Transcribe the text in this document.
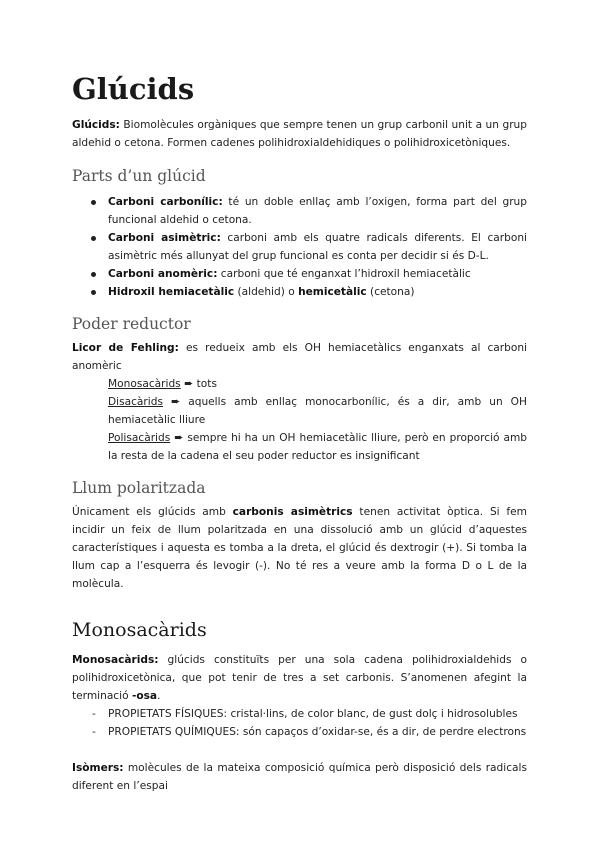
Glúcids

Glúcids: Biomolècules orgàniques que sempre tenen un grup carbonil unit a un grup aldehid o cetona. Formen cadenes polihidroxialdehidiques o polihidroxicetòniques.

Parts d’un glúcid
Carboni carbonílic: té un doble enllaç amb l’oxigen, forma part del grup funcional aldehid o cetona.
Carboni asimètric: carboni amb els quatre radicals diferents. El carboni asimètric més allunyat del grup funcional es conta per decidir si és D-L.
Carboni anomèric: carboni que té enganxat l’hidroxil hemiacetàlic
Hidroxil hemiacetàlic (aldehid) o hemicetàlic (cetona)
Poder reductor

Licor de Fehling: es redueix amb els OH hemiacetàlics enganxats al carboni anomèric

Monosacàrids ➨ tots
Disacàrids ➨ aquells amb enllaç monocarbonílic, és a dir, amb un OH hemiacetàlic lliure
Polisacàrids ➨ sempre hi ha un OH hemiacetàlic lliure, però en proporció amb la resta de la cadena el seu poder reductor es insignificant
Llum polaritzada

Únicament els glúcids amb carbonis asimètrics tenen activitat òptica. Si fem incidir un feix de llum polaritzada en una dissolució amb un glúcid d’aquestes característiques i aquesta es tomba a la dreta, el glúcid és dextrogir (+). Si tomba la llum cap a l’esquerra és levogir (-). No té res a veure amb la forma D o L de la molècula.

Monosacàrids

Monosacàrids: glúcids constituïts per una sola cadena polihidroxialdehids o polihidroxicetònica, que pot tenir de tres a set carbonis. S’anomenen afegint la terminació -osa.

- PROPIETATS FÍSIQUES: cristal·lins, de color blanc, de gust dolç i hidrosolubles
- PROPIETATS QUÍMIQUES: són capaços d’oxidar-se, és a dir, de perdre electrons

Isòmers: molècules de la mateixa composició química però disposició dels radicals diferent en l’espai
